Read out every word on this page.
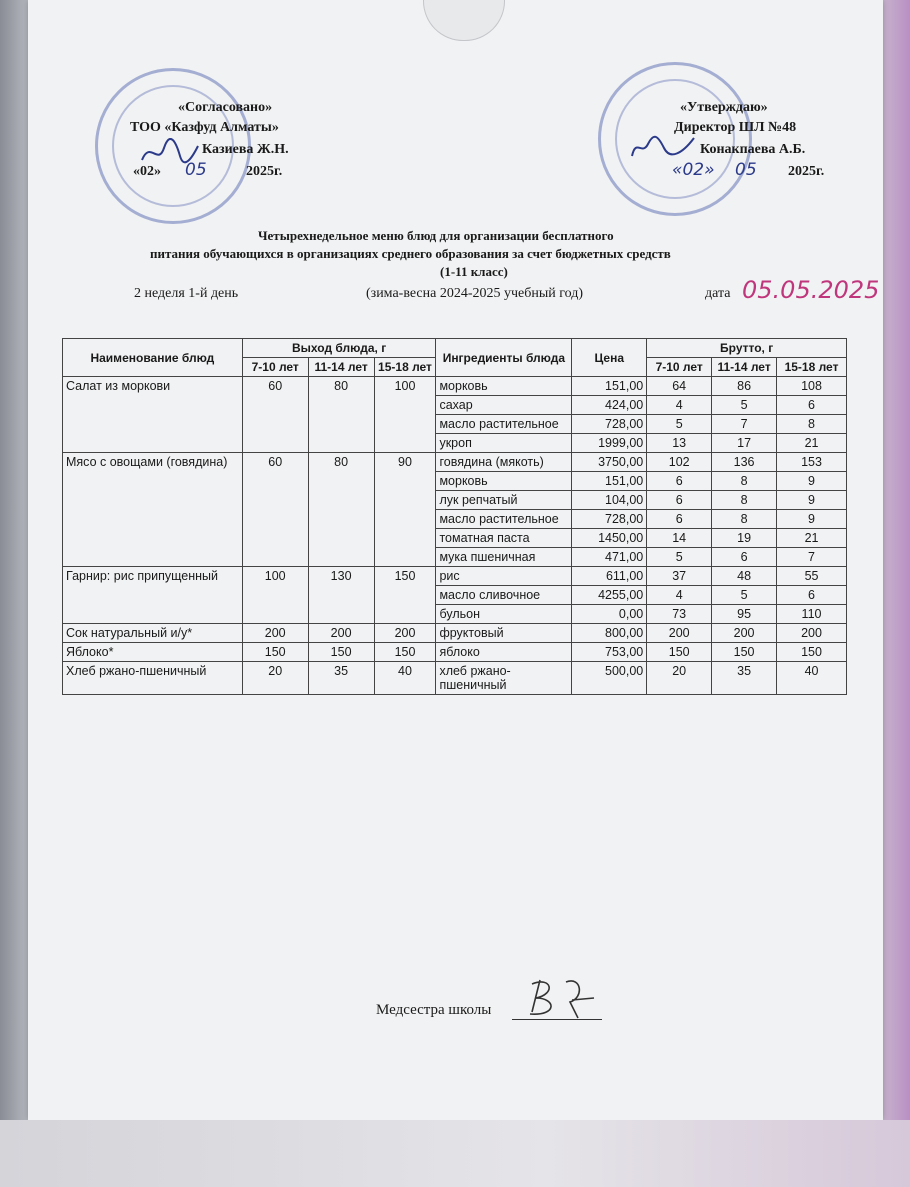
«Согласовано»
ТОО «Казфуд Алматы»
Казиева Ж.Н.
«02» 05	2025г.
«Утверждаю»
Директор ШЛ №48
Конакпаева А.Б.
«02» 05 2025г.
Четырехнедельное меню блюд для организации бесплатного
питания обучающихся в организациях среднего образования за счет бюджетных средств
(1-11 класс)
2 неделя 1-й день	(зима-весна 2024-2025 учебный год)	дата 05.05.2025
Наименование блюд	Выход блюда, г			Ингредиенты блюда	Цена	Брутто, г		
	7-10 лет	11-14 лет	15-18 лет			7-10 лет	11-14 лет	15-18 лет
Салат из моркови	60	80	100	морковь	151,00	64	86	108
				сахар	424,00	4	5	6
				масло растительное	728,00	5	7	8
				укроп	1999,00	13	17	21
Мясо с овощами (говядина)	60	80	90	говядина (мякоть)	3750,00	102	136	153
				морковь	151,00	6	8	9
				лук репчатый	104,00	6	8	9
				масло растительное	728,00	6	8	9
				томатная паста	1450,00	14	19	21
				мука пшеничная	471,00	5	6	7
Гарнир: рис припущенный	100	130	150	рис	611,00	37	48	55
				масло сливочное	4255,00	4	5	6
				бульон	0,00	73	95	110
Сок натуральный и/у*	200	200	200	фруктовый	800,00	200	200	200
Яблоко*	150	150	150	яблоко	753,00	150	150	150
Хлеб ржано-пшеничный	20	35	40	хлеб ржано-пшеничный	500,00	20	35	40
Медсестра школы
